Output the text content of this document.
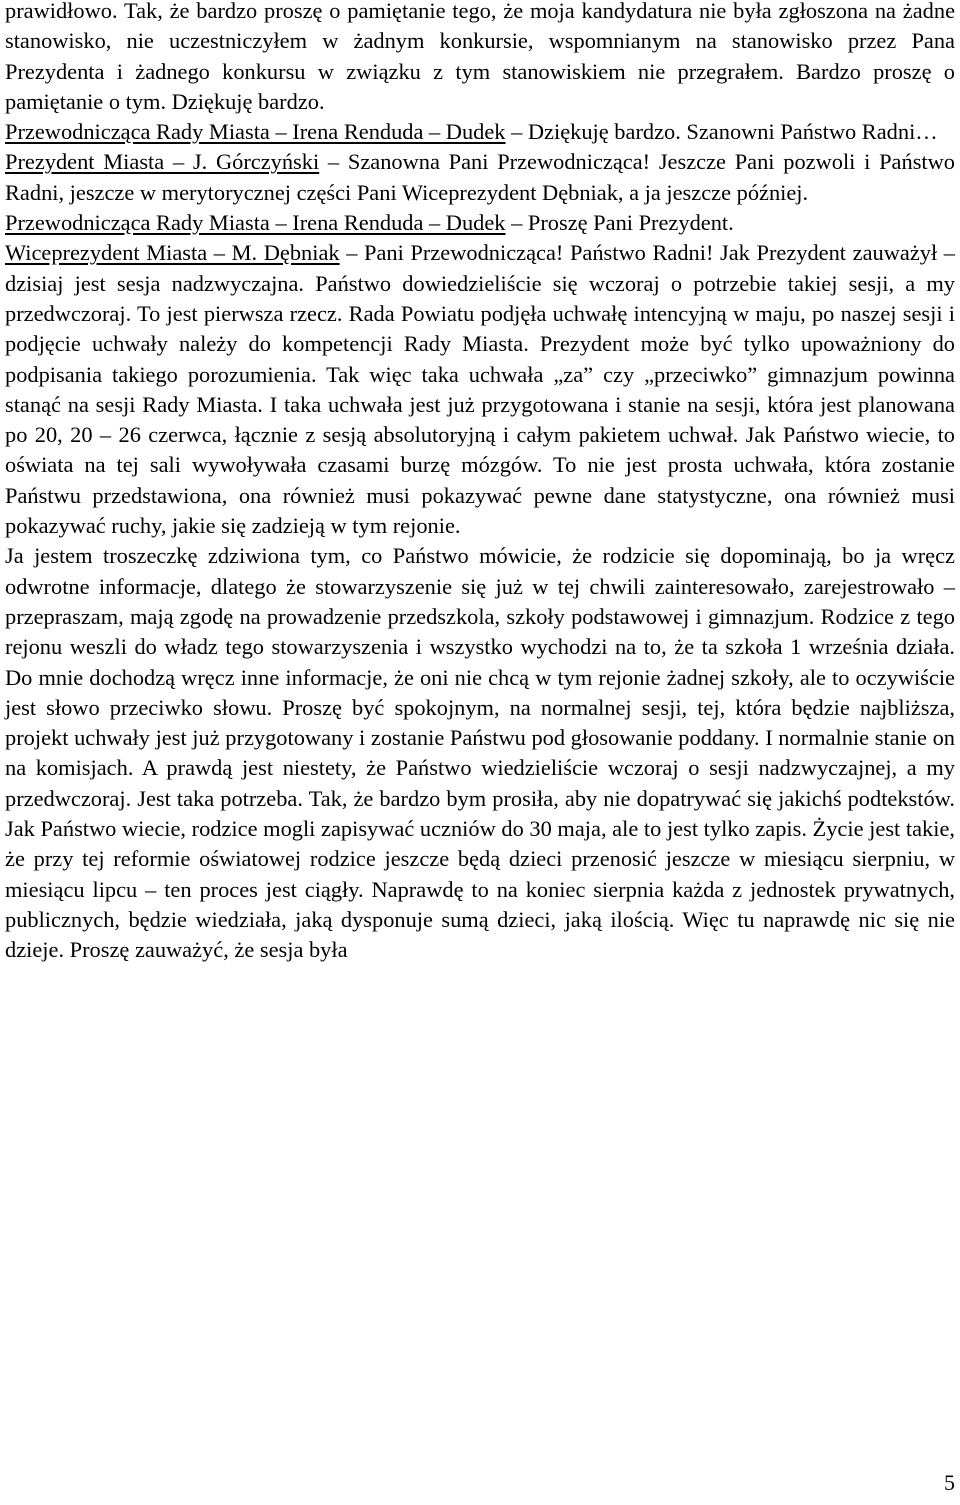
prawidłowo. Tak, że bardzo proszę o pamiętanie tego, że moja kandydatura nie była zgłoszona na żadne stanowisko, nie uczestniczyłem w żadnym konkursie, wspomnianym na stanowisko przez Pana Prezydenta i żadnego konkursu w związku z tym stanowiskiem nie przegrałem. Bardzo proszę o pamiętanie o tym. Dziękuję bardzo.

Przewodnicząca Rady Miasta – Irena Renduda – Dudek – Dziękuję bardzo. Szanowni Państwo Radni…

Prezydent Miasta – J. Górczyński – Szanowna Pani Przewodnicząca! Jeszcze Pani pozwoli i Państwo Radni, jeszcze w merytorycznej części Pani Wiceprezydent Dębniak, a ja jeszcze później.

Przewodnicząca Rady Miasta – Irena Renduda – Dudek – Proszę Pani Prezydent.

Wiceprezydent Miasta – M. Dębniak – Pani Przewodnicząca! Państwo Radni! Jak Prezydent zauważył – dzisiaj jest sesja nadzwyczajna. Państwo dowiedzieliście się wczoraj o potrzebie takiej sesji, a my przedwczoraj. To jest pierwsza rzecz. Rada Powiatu podjęła uchwałę intencyjną w maju, po naszej sesji i podjęcie uchwały należy do kompetencji Rady Miasta. Prezydent może być tylko upoważniony do podpisania takiego porozumienia. Tak więc taka uchwała „za” czy „przeciwko” gimnazjum powinna stanąć na sesji Rady Miasta. I taka uchwała jest już przygotowana i stanie na sesji, która jest planowana po 20, 20 – 26 czerwca, łącznie z sesją absolutoryjną i całym pakietem uchwał. Jak Państwo wiecie, to oświata na tej sali wywoływała czasami burzę mózgów. To nie jest prosta uchwała, która zostanie Państwu przedstawiona, ona również musi pokazywać pewne dane statystyczne, ona również musi pokazywać ruchy, jakie się zadzieją w tym rejonie.

Ja jestem troszeczkę zdziwiona tym, co Państwo mówicie, że rodzicie się dopominają, bo ja wręcz odwrotne informacje, dlatego że stowarzyszenie się już w tej chwili zainteresowało, zarejestrowało – przepraszam, mają zgodę na prowadzenie przedszkola, szkoły podstawowej i gimnazjum. Rodzice z tego rejonu weszli do władz tego stowarzyszenia i wszystko wychodzi na to, że ta szkoła 1 września działa. Do mnie dochodzą wręcz inne informacje, że oni nie chcą w tym rejonie żadnej szkoły, ale to oczywiście jest słowo przeciwko słowu. Proszę być spokojnym, na normalnej sesji, tej, która będzie najbliższa, projekt uchwały jest już przygotowany i zostanie Państwu pod głosowanie poddany. I normalnie stanie on na komisjach. A prawdą jest niestety, że Państwo wiedzieliście wczoraj o sesji nadzwyczajnej, a my przedwczoraj. Jest taka potrzeba. Tak, że bardzo bym prosiła, aby nie dopatrywać się jakichś podtekstów. Jak Państwo wiecie, rodzice mogli zapisywać uczniów do 30 maja, ale to jest tylko zapis. Życie jest takie, że przy tej reformie oświatowej rodzice jeszcze będą dzieci przenosić jeszcze w miesiącu sierpniu, w miesiącu lipcu – ten proces jest ciągły. Naprawdę to na koniec sierpnia każda z jednostek prywatnych, publicznych, będzie wiedziała, jaką dysponuje sumą dzieci, jaką ilością. Więc tu naprawdę nic się nie dzieje. Proszę zauważyć, że sesja była

5
